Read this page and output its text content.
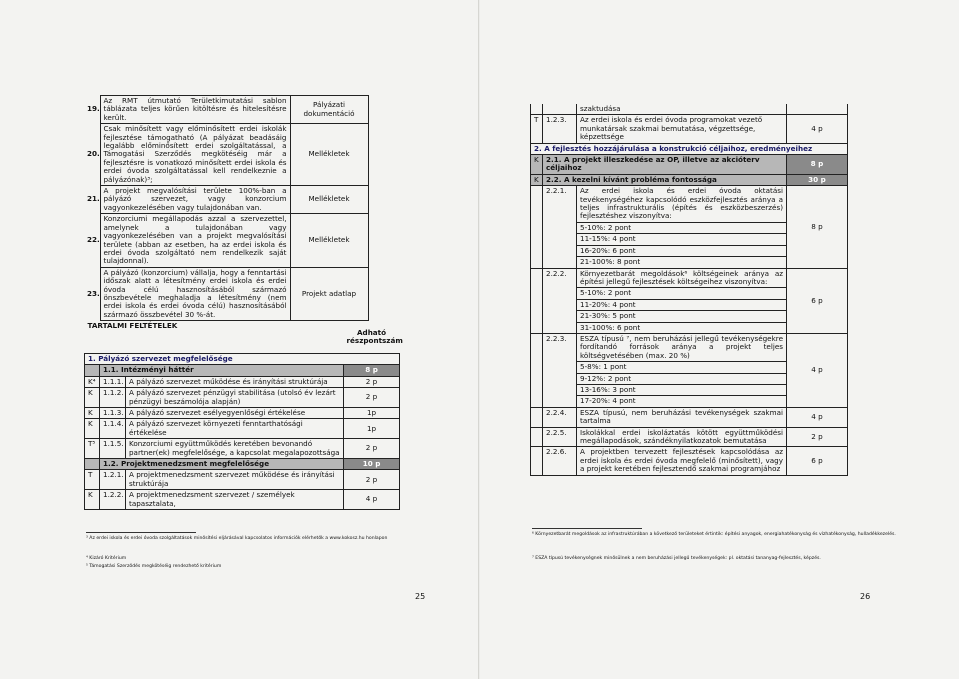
19.	Az RMT útmutató Területkimutatási sablon táblázata teljes körűen kitöltésre és hitelesítésre került.	Pályázati dokumentáció
20.	Csak minősített vagy előminősített erdei iskolák fejlesztése támogatható (A pályázat beadásáig legalább előminősített erdei szolgáltatással, a Támogatási Szerződés megkötéséig már a fejlesztésre is vonatkozó minősített erdei iskola és erdei óvoda szolgáltatással kell rendelkeznie a pályázónak)³;	Mellékletek
21.	A projekt megvalósítási területe 100%-ban a pályázó szervezet, vagy konzorcium vagyonkezelésében vagy tulajdonában van.	Mellékletek
22.	Konzorciumi megállapodás azzal a szervezettel, amelynek a tulajdonában vagy vagyonkezelésében van a projekt megvalósítási területe (abban az esetben, ha az erdei iskola és erdei óvoda szolgáltató nem rendelkezik saját tulajdonnal).	Mellékletek
23.	A pályázó (konzorcium) vállalja, hogy a fenntartási időszak alatt a létesítmény erdei iskola és erdei óvoda célú hasznosításából származó önszbevétele meghaladja a létesítmény (nem erdei iskola és erdei óvoda célú) hasznosításából származó összbevétel 30 %-át.	Projekt adatlap
TARTALMI FELTÉTELEK			Adható részpontszám
1. Pályázó szervezet megfelelősége			
	1.1. Intézményi háttér		8 p
K⁴	1.1.1.	A pályázó szervezet működése és irányítási struktúrája	2 p
K	1.1.2.	A pályázó szervezet pénzügyi stabilitása (utolsó év lezárt pénzügyi beszámolója alapján)	2 p
K	1.1.3.	A pályázó szervezet esélyegyenlőségi értékelése	1p
K	1.1.4.	A pályázó szervezet környezeti fenntarthatósági értékelése	1p
T⁵	1.1.5.	Konzorciumi együttműködés keretében bevonandó partner(ek) megfelelősége, a kapcsolat megalapozottsága	2 p
	1.2. Projektmenedzsment megfelelősége		10 p
T	1.2.1.	A projektmenedzsment szervezet működése és irányítási struktúrája	2 p
K	1.2.2.	A projektmenedzsment szervezet / személyek tapasztalata,	4 p
³ Az erdei iskola és erdei óvoda szolgáltatások minősítési eljárásával kapcsolatos információk elérhetők a www.kokosz.hu honlapon
⁴ Kizáró Kritérium
⁵ Támogatási Szerződés megkötéséig rendezhető kritérium
25
		szaktudása	
T	1.2.3.	Az erdei iskola és erdei óvoda programokat vezető munkatársak szakmai bemutatása, végzettsége, képzettsége	4 p
2. A fejlesztés hozzájárulása a konstrukció céljaihoz, eredményeihez			
K	2.1. A projekt illeszkedése az OP, illetve az akcióterv céljaihoz		8 p
K	2.2. A kezelni kívánt probléma fontossága		30 p
	2.2.1.	Az erdei iskola és erdei óvoda oktatási tevékenységéhez kapcsolódó eszközfejlesztés aránya a teljes infrastrukturális (építés és eszközbeszerzés) fejlesztéshez viszonyítva:	8 p
		5-10%: 2 pont	
		11-15%: 4 pont	
		16-20%: 6 pont	
		21-100%: 8 pont	
	2.2.2.	Környezetbarát megoldások⁶ költségeinek aránya az építési jellegű fejlesztések költségeihez viszonyítva:	6 p
		5-10%: 2 pont	
		11-20%: 4 pont	
		21-30%: 5 pont	
		31-100%: 6 pont	
	2.2.3.	ESZA típusú ⁷, nem beruházási jellegű tevékenységekre fordítandó források aránya a projekt teljes költségvetésében (max. 20 %)	4 p
		5-8%: 1 pont	
		9-12%: 2 pont	
		13-16%: 3 pont	
		17-20%: 4 pont	
	2.2.4.	ESZA típusú, nem beruházási tevékenységek szakmai tartalma	4 p
	2.2.5.	Iskolákkal erdei iskoláztatás kötött együttműködési megállapodások, szándéknyilatkozatok bemutatása	2 p
	2.2.6.	A projektben tervezett fejlesztések kapcsolódása az erdei iskola és erdei óvoda megfelelő (minősített), vagy a projekt keretében fejlesztendő szakmai programjához	6 p
⁶ Környezetbarát megoldások az infrastruktúrában a következő területeket értintik: építési anyagok, energiahatékonyság és vízhatékonyság, hulladékkezelés.
⁷ ESZA típusú tevékenységnek minősülnek a nem beruházási jellegű tevékenységek: pl. oktatási tananyag-fejlesztés, képzés.
26
